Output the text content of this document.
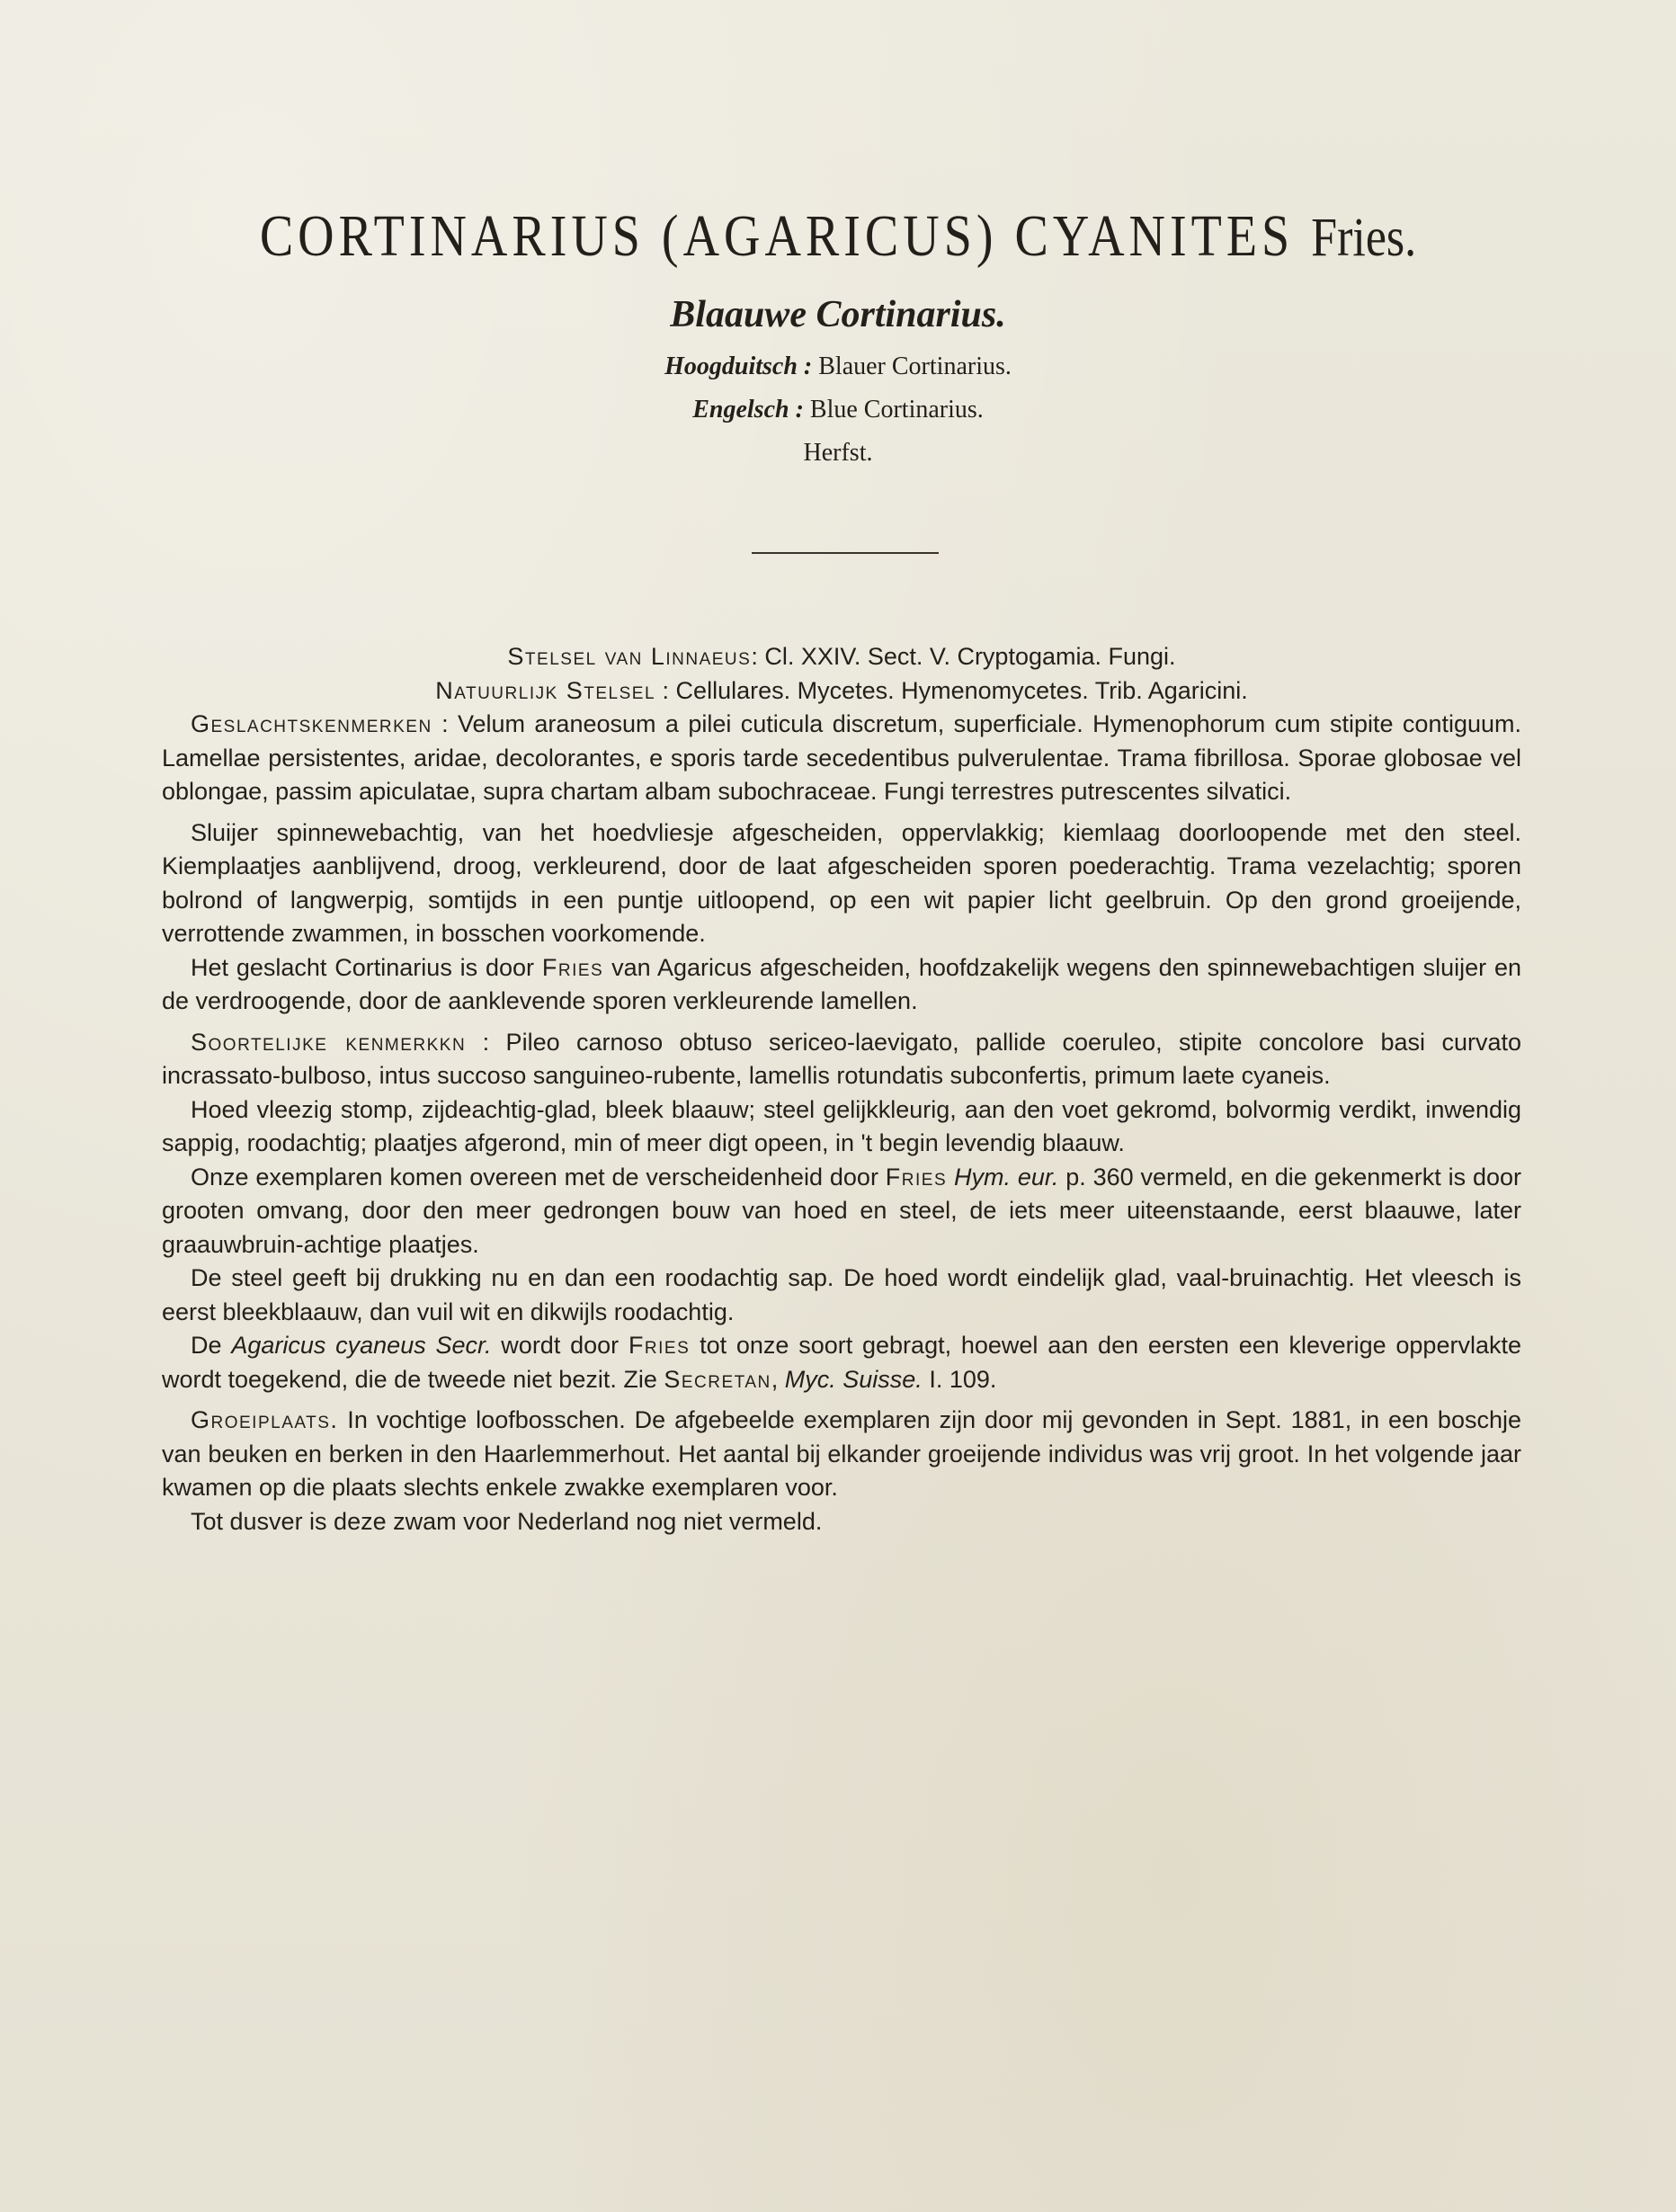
CORTINARIUS (AGARICUS) CYANITES Fries.
Blaauwe Cortinarius.
Hoogduitsch : Blauer Cortinarius.
Engelsch : Blue Cortinarius.
Herfst.

Stelsel van Linnaeus: Cl. XXIV. Sect. V. Cryptogamia. Fungi.

Natuurlijk Stelsel : Cellulares. Mycetes. Hymenomycetes. Trib. Agaricini.

Geslachtskenmerken : Velum araneosum a pilei cuticula discretum, superficiale. Hymenophorum cum stipite contiguum. Lamellae persistentes, aridae, decolorantes, e sporis tarde secedentibus pulverulentae. Trama fibrillosa. Sporae globosae vel oblongae, passim apiculatae, supra chartam albam subochraceae. Fungi terrestres putrescentes silvatici.

Sluijer spinnewebachtig, van het hoedvliesje afgescheiden, oppervlakkig; kiemlaag doorloopende met den steel. Kiemplaatjes aanblijvend, droog, verkleurend, door de laat afgescheiden sporen poederachtig. Trama vezelachtig; sporen bolrond of langwerpig, somtijds in een puntje uitloopend, op een wit papier licht geelbruin. Op den grond groeijende, verrottende zwammen, in bosschen voorkomende.

Het geslacht Cortinarius is door Fries van Agaricus afgescheiden, hoofdzakelijk wegens den spinnewebachtigen sluijer en de verdroogende, door de aanklevende sporen verkleurende lamellen.

Soortelijke kenmerkkn : Pileo carnoso obtuso sericeo-laevigato, pallide coeruleo, stipite concolore basi curvato incrassato-bulboso, intus succoso sanguineo-rubente, lamellis rotundatis subconfertis, primum laete cyaneis.

Hoed vleezig stomp, zijdeachtig-glad, bleek blaauw; steel gelijkkleurig, aan den voet gekromd, bolvormig verdikt, inwendig sappig, roodachtig; plaatjes afgerond, min of meer digt opeen, in 't begin levendig blaauw.

Onze exemplaren komen overeen met de verscheidenheid door Fries Hym. eur. p. 360 vermeld, en die gekenmerkt is door grooten omvang, door den meer gedrongen bouw van hoed en steel, de iets meer uiteenstaande, eerst blaauwe, later graauwbruin-achtige plaatjes.

De steel geeft bij drukking nu en dan een roodachtig sap. De hoed wordt eindelijk glad, vaal-bruinachtig. Het vleesch is eerst bleekblaauw, dan vuil wit en dikwijls roodachtig.

De Agaricus cyaneus Secr. wordt door Fries tot onze soort gebragt, hoewel aan den eersten een kleverige oppervlakte wordt toegekend, die de tweede niet bezit. Zie Secretan, Myc. Suisse. I. 109.

Groeiplaats. In vochtige loofbosschen. De afgebeelde exemplaren zijn door mij gevonden in Sept. 1881, in een boschje van beuken en berken in den Haarlemmerhout. Het aantal bij elkander groeijende individus was vrij groot. In het volgende jaar kwamen op die plaats slechts enkele zwakke exemplaren voor.

Tot dusver is deze zwam voor Nederland nog niet vermeld.
